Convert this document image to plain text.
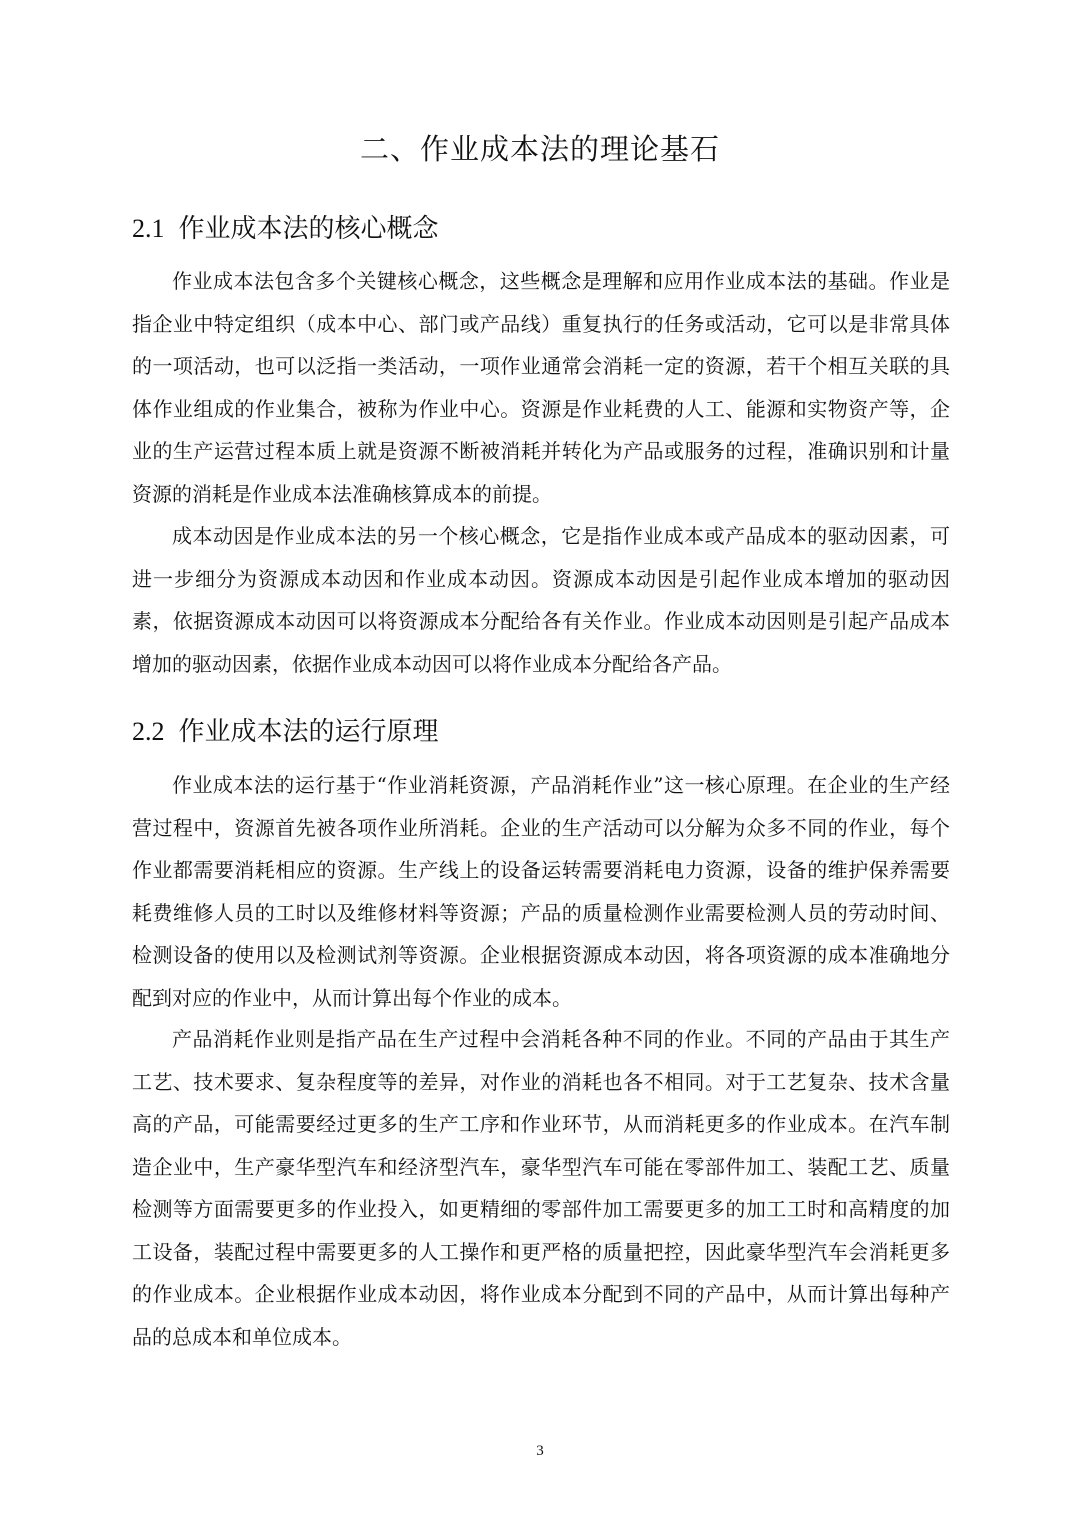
二、作业成本法的理论基石
2.1 作业成本法的核心概念

作业成本法包含多个关键核心概念，这些概念是理解和应用作业成本法的基础。作业是指企业中特定组织（成本中心、部门或产品线）重复执行的任务或活动，它可以是非常具体的一项活动，也可以泛指一类活动，一项作业通常会消耗一定的资源，若干个相互关联的具体作业组成的作业集合，被称为作业中心。资源是作业耗费的人工、能源和实物资产等，企业的生产运营过程本质上就是资源不断被消耗并转化为产品或服务的过程，准确识别和计量资源的消耗是作业成本法准确核算成本的前提。

成本动因是作业成本法的另一个核心概念，它是指作业成本或产品成本的驱动因素，可进一步细分为资源成本动因和作业成本动因。资源成本动因是引起作业成本增加的驱动因素，依据资源成本动因可以将资源成本分配给各有关作业。作业成本动因则是引起产品成本增加的驱动因素，依据作业成本动因可以将作业成本分配给各产品。

2.2 作业成本法的运行原理

作业成本法的运行基于“作业消耗资源，产品消耗作业”这一核心原理。在企业的生产经营过程中，资源首先被各项作业所消耗。企业的生产活动可以分解为众多不同的作业，每个作业都需要消耗相应的资源。生产线上的设备运转需要消耗电力资源，设备的维护保养需要耗费维修人员的工时以及维修材料等资源；产品的质量检测作业需要检测人员的劳动时间、检测设备的使用以及检测试剂等资源。企业根据资源成本动因，将各项资源的成本准确地分配到对应的作业中，从而计算出每个作业的成本。

产品消耗作业则是指产品在生产过程中会消耗各种不同的作业。不同的产品由于其生产工艺、技术要求、复杂程度等的差异，对作业的消耗也各不相同。对于工艺复杂、技术含量高的产品，可能需要经过更多的生产工序和作业环节，从而消耗更多的作业成本。在汽车制造企业中，生产豪华型汽车和经济型汽车，豪华型汽车可能在零部件加工、装配工艺、质量检测等方面需要更多的作业投入，如更精细的零部件加工需要更多的加工工时和高精度的加工设备，装配过程中需要更多的人工操作和更严格的质量把控，因此豪华型汽车会消耗更多的作业成本。企业根据作业成本动因，将作业成本分配到不同的产品中，从而计算出每种产品的总成本和单位成本。

3
